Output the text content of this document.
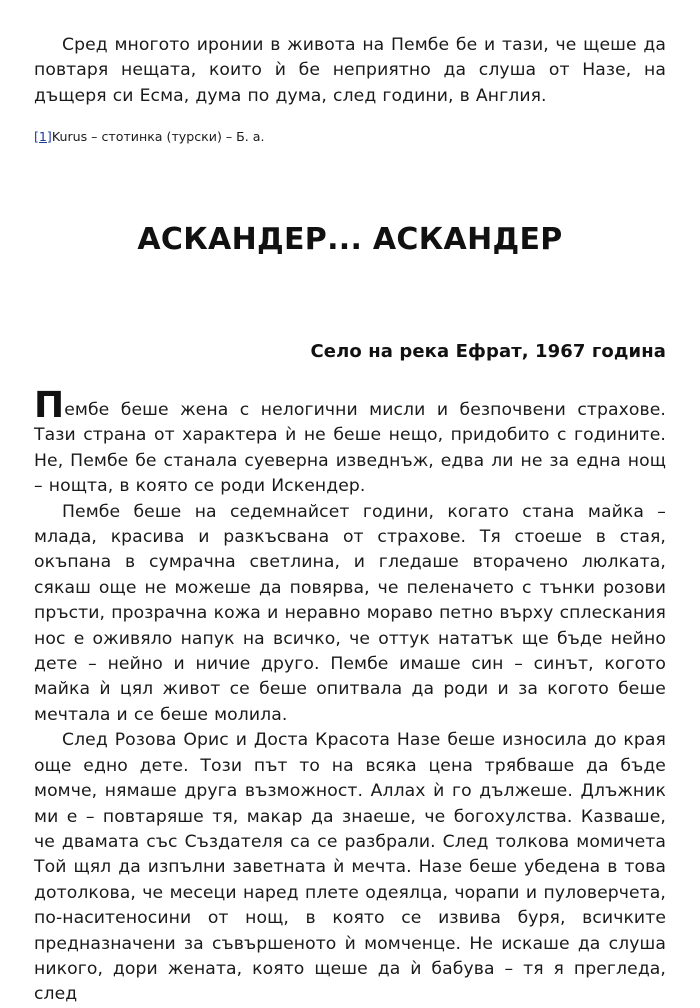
Сред многото иронии в живота на Пембе бе и тази, че щеше да повтаря нещата, които ѝ бе неприятно да слуша от Назе, на дъщеря си Есма, дума по дума, след години, в Англия.

[1]Kurus – стотинка (турски) – Б. а.

АСКАНДЕР... АСКАНДЕР

Село на река Ефрат, 1967 година

Пембе беше жена с нелогични мисли и безпочвени страхове. Тази страна от характера ѝ не беше нещо, придобито с годините. Не, Пембе бе станала суеверна изведнъж, едва ли не за една нощ – нощта, в която се роди Искендер.

Пембе беше на седемнайсет години, когато стана майка – млада, красива и разкъсвана от страхове. Тя стоеше в стая, окъпана в сумрачна светлина, и гледаше вторачено люлката, сякаш още не можеше да повярва, че пеленачето с тънки розови пръсти, прозрачна кожа и неравно мораво петно върху сплескания нос е оживяло напук на всичко, че оттук нататък ще бъде нейно дете – нейно и ничие друго. Пембе имаше син – синът, когото майка ѝ цял живот се беше опитвала да роди и за когото беше мечтала и се беше молила.

След Розова Орис и Доста Красота Назе беше износила до края още едно дете. Този път то на всяка цена трябваше да бъде момче, нямаше друга възможност. Аллах ѝ го дължеше. Длъжник ми е – повтаряше тя, макар да знаеше, че богохулства. Казваше, че двамата със Създателя са се разбрали. След толкова момичета Той щял да изпълни заветната ѝ мечта. Назе беше убедена в това дотолкова, че месеци наред плете одеялца, чорапи и пуловерчета, по-наситеносини от нощ, в която се извива буря, всичките предназначени за съвършеното ѝ момченце. Не искаше да слуша никого, дори жената, която щеше да ѝ бабува – тя я прегледа, след
